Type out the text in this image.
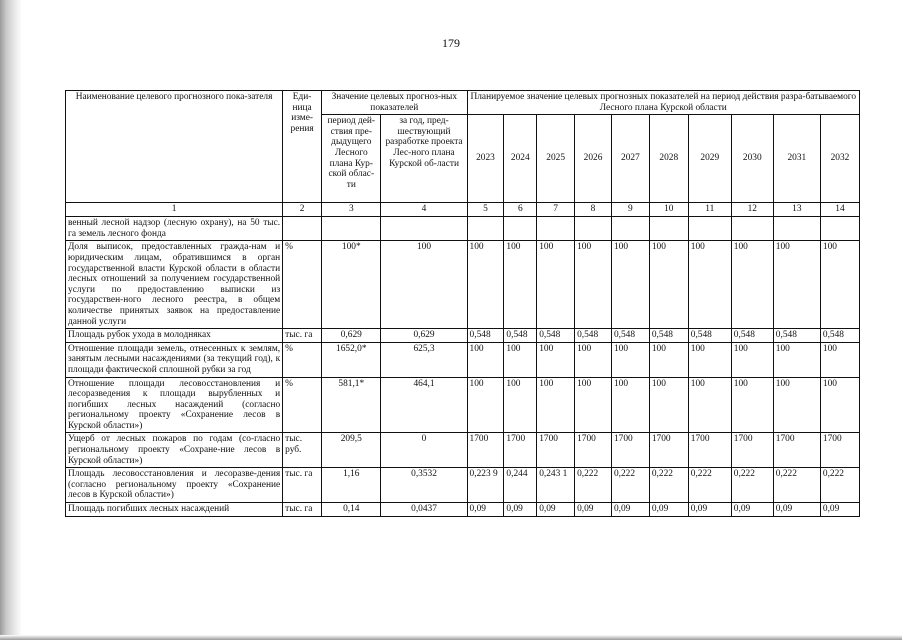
179
Наименование целевого прогнозного пока-зателя	Еди-ница изме-рения	Значение целевых прогноз-ных показателей		Планируемое значение целевых прогнозных показателей на период действия разра-батываемого Лесного плана Курской области									
		период дей-ствия пре-дыдущего Лесного плана Кур-ской облас-ти	за год, пред-шествующий разработке проекта Лес-ного плана Курской об-ласти	2023	2024	2025	2026	2027	2028	2029	2030	2031	2032
1	2	3	4	5	6	7	8	9	10	11	12	13	14
венный лесной надзор (лесную охрану), на 50 тыс. га земель лесного фонда													
Доля выписок, предоставленных гражда-нам и юридическим лицам, обратившимся в орган государственной власти Курской области в области лесных отношений за получением государственной услуги по предоставлению выписки из государствен-ного лесного реестра, в общем количестве принятых заявок на предоставление данной услуги	%	100*	100	100	100	100	100	100	100	100	100	100	100
Площадь рубок ухода в молодняках	тыс. га	0,629	0,629	0,548	0,548	0,548	0,548	0,548	0,548	0,548	0,548	0,548	0,548
Отношение площади земель, отнесенных к землям, занятым лесными насаждениями (за текущий год), к площади фактической сплошной рубки за год	%	1652,0*	625,3	100	100	100	100	100	100	100	100	100	100
Отношение площади лесовосстановления и лесоразведения к площади вырубленных и погибших лесных насаждений (согласно региональному проекту «Сохранение лесов в Курской области»)	%	581,1*	464,1	100	100	100	100	100	100	100	100	100	100
Ущерб от лесных пожаров по годам (со-гласно региональному проекту «Сохране-ние лесов в Курской области»)	тыс. руб.	209,5	0	1700	1700	1700	1700	1700	1700	1700	1700	1700	1700
Площадь лесовосстановления и лесоразве-дения (согласно региональному проекту «Сохранение лесов в Курской области»)	тыс. га	1,16	0,3532	0,223 9	0,244	0,243 1	0,222	0,222	0,222	0,222	0,222	0,222	0,222
Площадь погибших лесных насаждений	тыс. га	0,14	0,0437	0,09	0,09	0,09	0,09	0,09	0,09	0,09	0,09	0,09	0,09
